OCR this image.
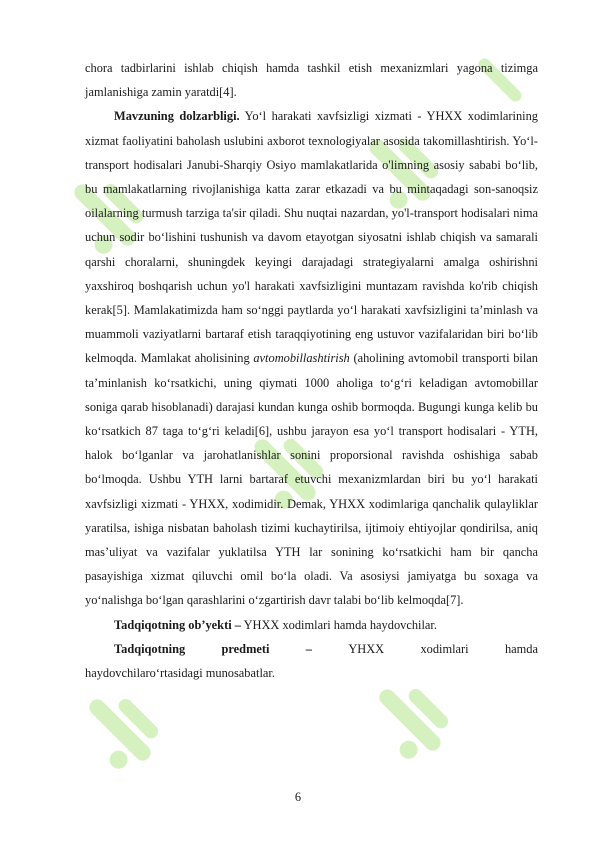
chora tadbirlarini ishlab chiqish hamda tashkil etish mexanizmlari yagona tizimga jamlanishiga zamin yaratdi[4].

Mavzuning dolzarbligi. Yo‘l harakati xavfsizligi xizmati - YHXX xodimlarining xizmat faoliyatini baholash uslubini axborot texnologiyalar asosida takomillashtirish. Yo‘l-transport hodisalari Janubi-Sharqiy Osiyo mamlakatlarida o'limning asosiy sababi bo‘lib, bu mamlakatlarning rivojlanishiga katta zarar etkazadi va bu mintaqadagi son-sanoqsiz oilalarning turmush tarziga ta'sir qiladi. Shu nuqtai nazardan, yo'l-transport hodisalari nima uchun sodir bo‘lishini tushunish va davom etayotgan siyosatni ishlab chiqish va samarali qarshi choralarni, shuningdek keyingi darajadagi strategiyalarni amalga oshirishni yaxshiroq boshqarish uchun yo'l harakati xavfsizligini muntazam ravishda ko'rib chiqish kerak[5]. Mamlakatimizda ham so‘nggi paytlarda yo‘l harakati xavfsizligini ta’minlash va muammoli vaziyatlarni bartaraf etish taraqqiyotining eng ustuvor vazifalaridan biri bo‘lib kelmoqda. Mamlakat aholisining avtomobillashtirish (aholining avtomobil transporti bilan ta’minlanish ko‘rsatkichi, uning qiymati 1000 aholiga to‘g‘ri keladigan avtomobillar soniga qarab hisoblanadi) darajasi kundan kunga oshib bormoqda. Bugungi kunga kelib bu ko‘rsatkich 87 taga to‘g‘ri keladi[6], ushbu jarayon esa yo‘l transport hodisalari - YTH, halok bo‘lganlar va jarohatlanishlar sonini proporsional ravishda oshishiga sabab bo‘lmoqda. Ushbu YTH larni bartaraf etuvchi mexanizmlardan biri bu yo‘l harakati xavfsizligi xizmati - YHXX, xodimidir. Demak, YHXX xodimlariga qanchalik qulayliklar yaratilsa, ishiga nisbatan baholash tizimi kuchaytirilsa, ijtimoiy ehtiyojlar qondirilsa, aniq mas’uliyat va vazifalar yuklatilsa YTH lar sonining ko‘rsatkichi ham bir qancha pasayishiga xizmat qiluvchi omil bo‘la oladi. Va asosiysi jamiyatga bu soxaga va yo‘nalishga bo‘lgan qarashlarini o‘zgartirish davr talabi bo‘lib kelmoqda[7].

Tadqiqotning ob’yekti – YHXX xodimlari hamda haydovchilar.

Tadqiqotning predmeti – YHXX xodimlari hamda

haydovchilaro‘rtasidagi munosabatlar.

6
